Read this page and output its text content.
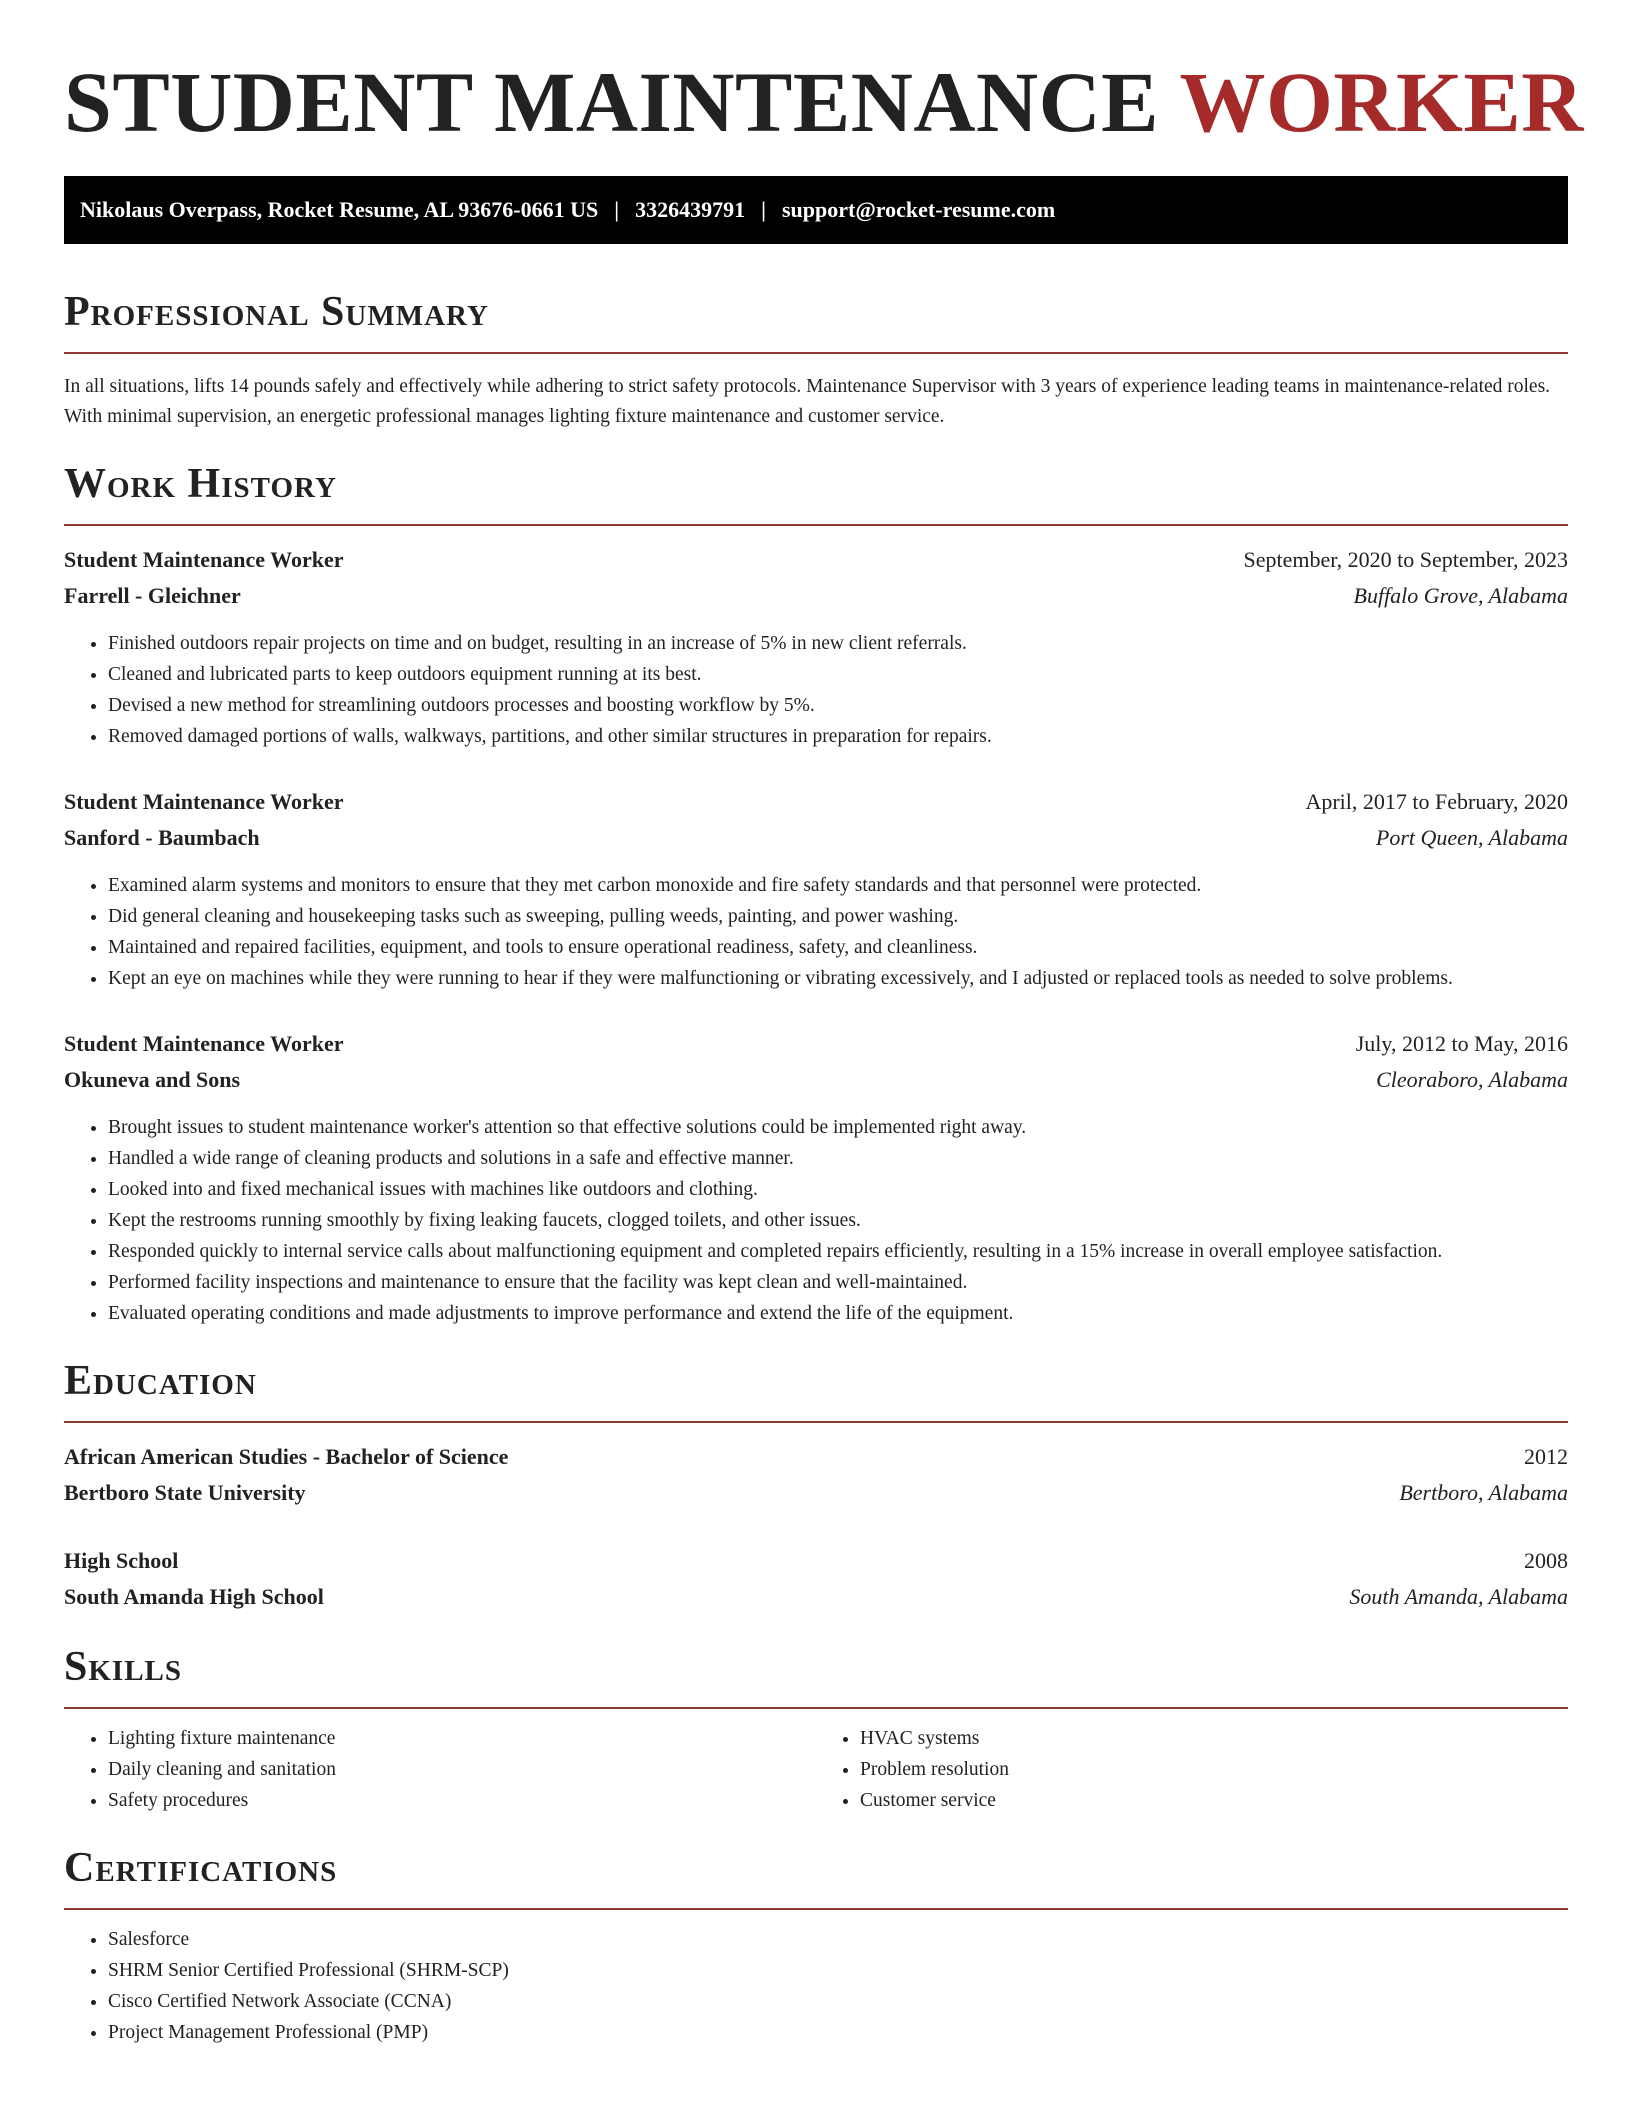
STUDENT MAINTENANCE WORKER
Nikolaus Overpass, Rocket Resume, AL 93676-0661 US | 3326439791 | support@rocket-resume.com
Professional Summary

In all situations, lifts 14 pounds safely and effectively while adhering to strict safety protocols. Maintenance Supervisor with 3 years of experience leading teams in maintenance-related roles. With minimal supervision, an energetic professional manages lighting fixture maintenance and customer service.

Work History
Student Maintenance Worker	September, 2020 to September, 2023
Farrell - Gleichner	Buffalo Grove, Alabama
• Finished outdoors repair projects on time and on budget, resulting in an increase of 5% in new client referrals.
• Cleaned and lubricated parts to keep outdoors equipment running at its best.
• Devised a new method for streamlining outdoors processes and boosting workflow by 5%.
• Removed damaged portions of walls, walkways, partitions, and other similar structures in preparation for repairs.
Student Maintenance Worker	April, 2017 to February, 2020
Sanford - Baumbach	Port Queen, Alabama
• Examined alarm systems and monitors to ensure that they met carbon monoxide and fire safety standards and that personnel were protected.
• Did general cleaning and housekeeping tasks such as sweeping, pulling weeds, painting, and power washing.
• Maintained and repaired facilities, equipment, and tools to ensure operational readiness, safety, and cleanliness.
• Kept an eye on machines while they were running to hear if they were malfunctioning or vibrating excessively, and I adjusted or replaced tools as needed to solve problems.
Student Maintenance Worker	July, 2012 to May, 2016
Okuneva and Sons	Cleoraboro, Alabama
• Brought issues to student maintenance worker's attention so that effective solutions could be implemented right away.
• Handled a wide range of cleaning products and solutions in a safe and effective manner.
• Looked into and fixed mechanical issues with machines like outdoors and clothing.
• Kept the restrooms running smoothly by fixing leaking faucets, clogged toilets, and other issues.
• Responded quickly to internal service calls about malfunctioning equipment and completed repairs efficiently, resulting in a 15% increase in overall employee satisfaction.
• Performed facility inspections and maintenance to ensure that the facility was kept clean and well-maintained.
• Evaluated operating conditions and made adjustments to improve performance and extend the life of the equipment.
Education
African American Studies - Bachelor of Science	2012
Bertboro State University	Bertboro, Alabama
High School	2008
South Amanda High School	South Amanda, Alabama
Skills
• Lighting fixture maintenance
• Daily cleaning and sanitation
• Safety procedures
• HVAC systems
• Problem resolution
• Customer service
Certifications
• Salesforce
• SHRM Senior Certified Professional (SHRM-SCP)
• Cisco Certified Network Associate (CCNA)
• Project Management Professional (PMP)
